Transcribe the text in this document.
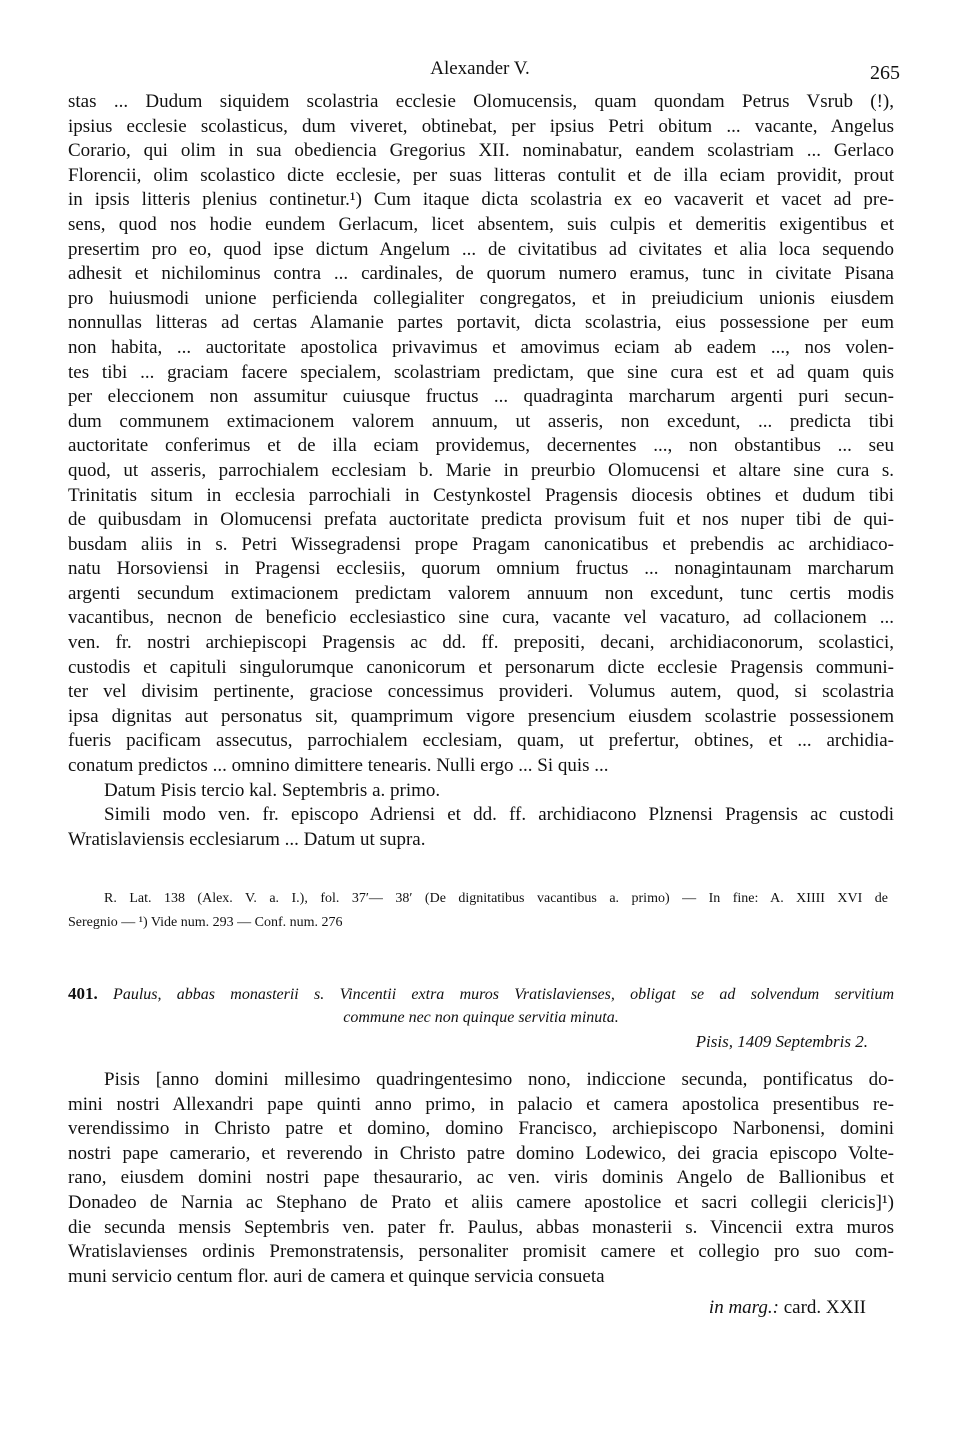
Alexander V.	265
stas ... Dudum siquidem scolastria ecclesie Olomucensis, quam quondam Petrus Vsrub (!),
ipsius ecclesie scolasticus, dum viveret, obtinebat, per ipsius Petri obitum ... vacante, Angelus
Corario, qui olim in sua obediencia Gregorius XII. nominabatur, eandem scolastriam ... Gerlaco
Florencii, olim scolastico dicte ecclesie, per suas litteras contulit et de illa eciam providit, prout
in ipsis litteris plenius continetur.¹) Cum itaque dicta scolastria ex eo vacaverit et vacet ad pre-
sens, quod nos hodie eundem Gerlacum, licet absentem, suis culpis et demeritis exigentibus et
presertim pro eo, quod ipse dictum Angelum ... de civitatibus ad civitates et alia loca sequendo
adhesit et nichilominus contra ... cardinales, de quorum numero eramus, tunc in civitate Pisana
pro huiusmodi unione perficienda collegialiter congregatos, et in preiudicium unionis eiusdem
nonnullas litteras ad certas Alamanie partes portavit, dicta scolastria, eius possessione per eum
non habita, ... auctoritate apostolica privavimus et amovimus eciam ab eadem ..., nos volen-
tes tibi ... graciam facere specialem, scolastriam predictam, que sine cura est et ad quam quis
per eleccionem non assumitur cuiusque fructus ... quadraginta marcharum argenti puri secun-
dum communem extimacionem valorem annuum, ut asseris, non excedunt, ... predicta tibi
auctoritate conferimus et de illa eciam providemus, decernentes ..., non obstantibus ... seu
quod, ut asseris, parrochialem ecclesiam b. Marie in preurbio Olomucensi et altare sine cura s.
Trinitatis situm in ecclesia parrochiali in Cestynkostel Pragensis diocesis obtines et dudum tibi
de quibusdam in Olomucensi prefata auctoritate predicta provisum fuit et nos nuper tibi de qui-
busdam aliis in s. Petri Wissegradensi prope Pragam canonicatibus et prebendis ac archidiaco-
natu Horsoviensi in Pragensi ecclesiis, quorum omnium fructus ... nonagintaunam marcharum
argenti secundum extimacionem predictam valorem annuum non excedunt, tunc certis modis
vacantibus, necnon de beneficio ecclesiastico sine cura, vacante vel vacaturo, ad collacionem ...
ven. fr. nostri archiepiscopi Pragensis ac dd. ff. prepositi, decani, archidiaconorum, scolastici,
custodis et capituli singulorumque canonicorum et personarum dicte ecclesie Pragensis communi-
ter vel divisim pertinente, graciose concessimus provideri. Volumus autem, quod, si scolastria
ipsa dignitas aut personatus sit, quamprimum vigore presencium eiusdem scolastrie possessionem
fueris pacificam assecutus, parrochialem ecclesiam, quam, ut prefertur, obtines, et ... archidia-
conatum predictos ... omnino dimittere tenearis. Nulli ergo ... Si quis ...
Datum Pisis tercio kal. Septembris a. primo.
Simili modo ven. fr. episcopo Adriensi et dd. ff. archidiacono Plznensi Pragensis ac custodi
Wratislaviensis ecclesiarum ... Datum ut supra.
R. Lat. 138 (Alex. V. a. I.), fol. 37′— 38′ (De dignitatibus vacantibus a. primo) — In fine: A. XIIII XVI de
Seregnio — ¹) Vide num. 293 — Conf. num. 276
401. Paulus, abbas monasterii s. Vincentii extra muros Vratislavienses, obligat se ad solvendum servitium
commune nec non quinque servitia minuta.
Pisis, 1409 Septembris 2.
Pisis [anno domini millesimo quadringentesimo nono, indiccione secunda, pontificatus do-
mini nostri Allexandri pape quinti anno primo, in palacio et camera apostolica presentibus re-
verendissimo in Christo patre et domino, domino Francisco, archiepiscopo Narbonensi, domini
nostri pape camerario, et reverendo in Christo patre domino Lodewico, dei gracia episcopo Volte-
rano, eiusdem domini nostri pape thesaurario, ac ven. viris dominis Angelo de Ballionibus et
Donadeo de Narnia ac Stephano de Prato et aliis camere apostolice et sacri collegii clericis]¹)
die secunda mensis Septembris ven. pater fr. Paulus, abbas monasterii s. Vincencii extra muros
Wratislavienses ordinis Premonstratensis, personaliter promisit camere et collegio pro suo com-
muni servicio centum flor. auri de camera et quinque servicia consueta
in marg.: card. XXII
